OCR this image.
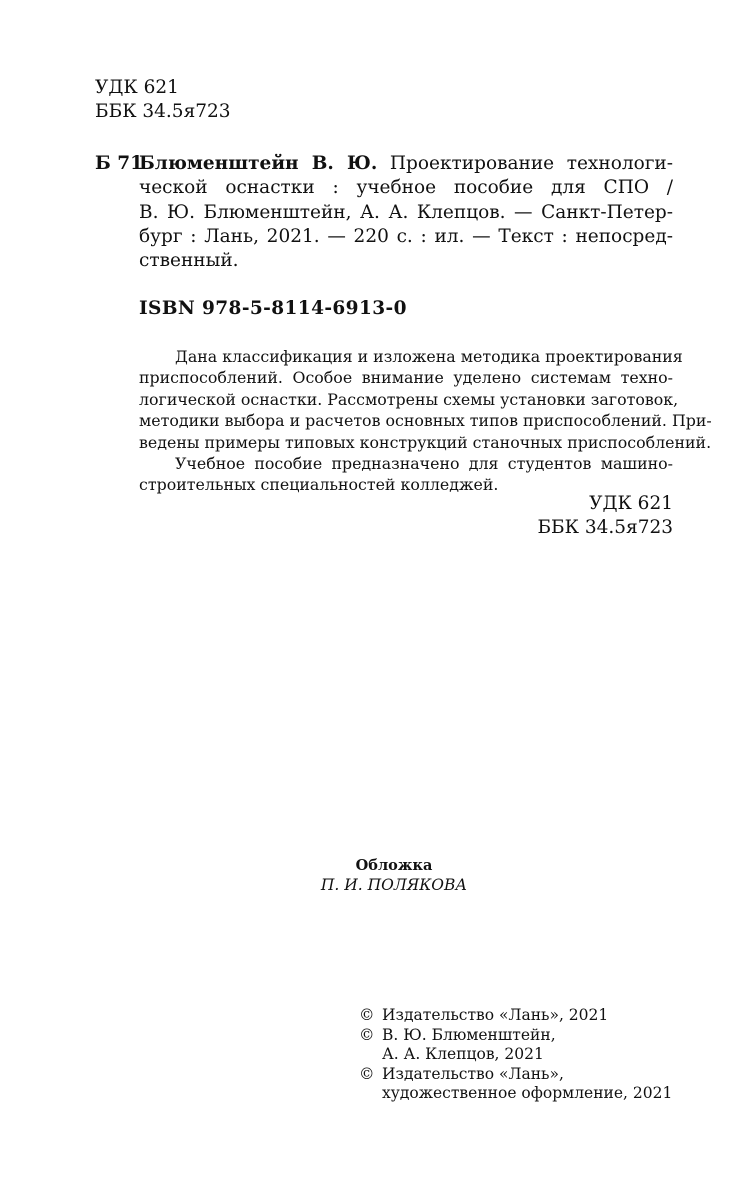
УДК 621
ББК 34.5я723
Б 71
Блюменштейн В. Ю. Проектирование технологи-
ческой оснастки : учебное пособие для СПО /
В. Ю. Блюменштейн, А. А. Клепцов. — Санкт-Петер-
бург : Лань, 2021. — 220 с. : ил. — Текст : непосред-
ственный.
ISBN 978-5-8114-6913-0
Дана классификация и изложена методика проектирования
приспособлений. Особое внимание уделено системам техно-
логической оснастки. Рассмотрены схемы установки заготовок,
методики выбора и расчетов основных типов приспособлений. При-
ведены примеры типовых конструкций станочных приспособлений.
Учебное пособие предназначено для студентов машино-
строительных специальностей колледжей.
УДК 621
ББК 34.5я723
Обложка
П. И. ПОЛЯКОВА
© Издательство «Лань», 2021
© В. Ю. Блюменштейн,
А. А. Клепцов, 2021
© Издательство «Лань»,
художественное оформление, 2021
